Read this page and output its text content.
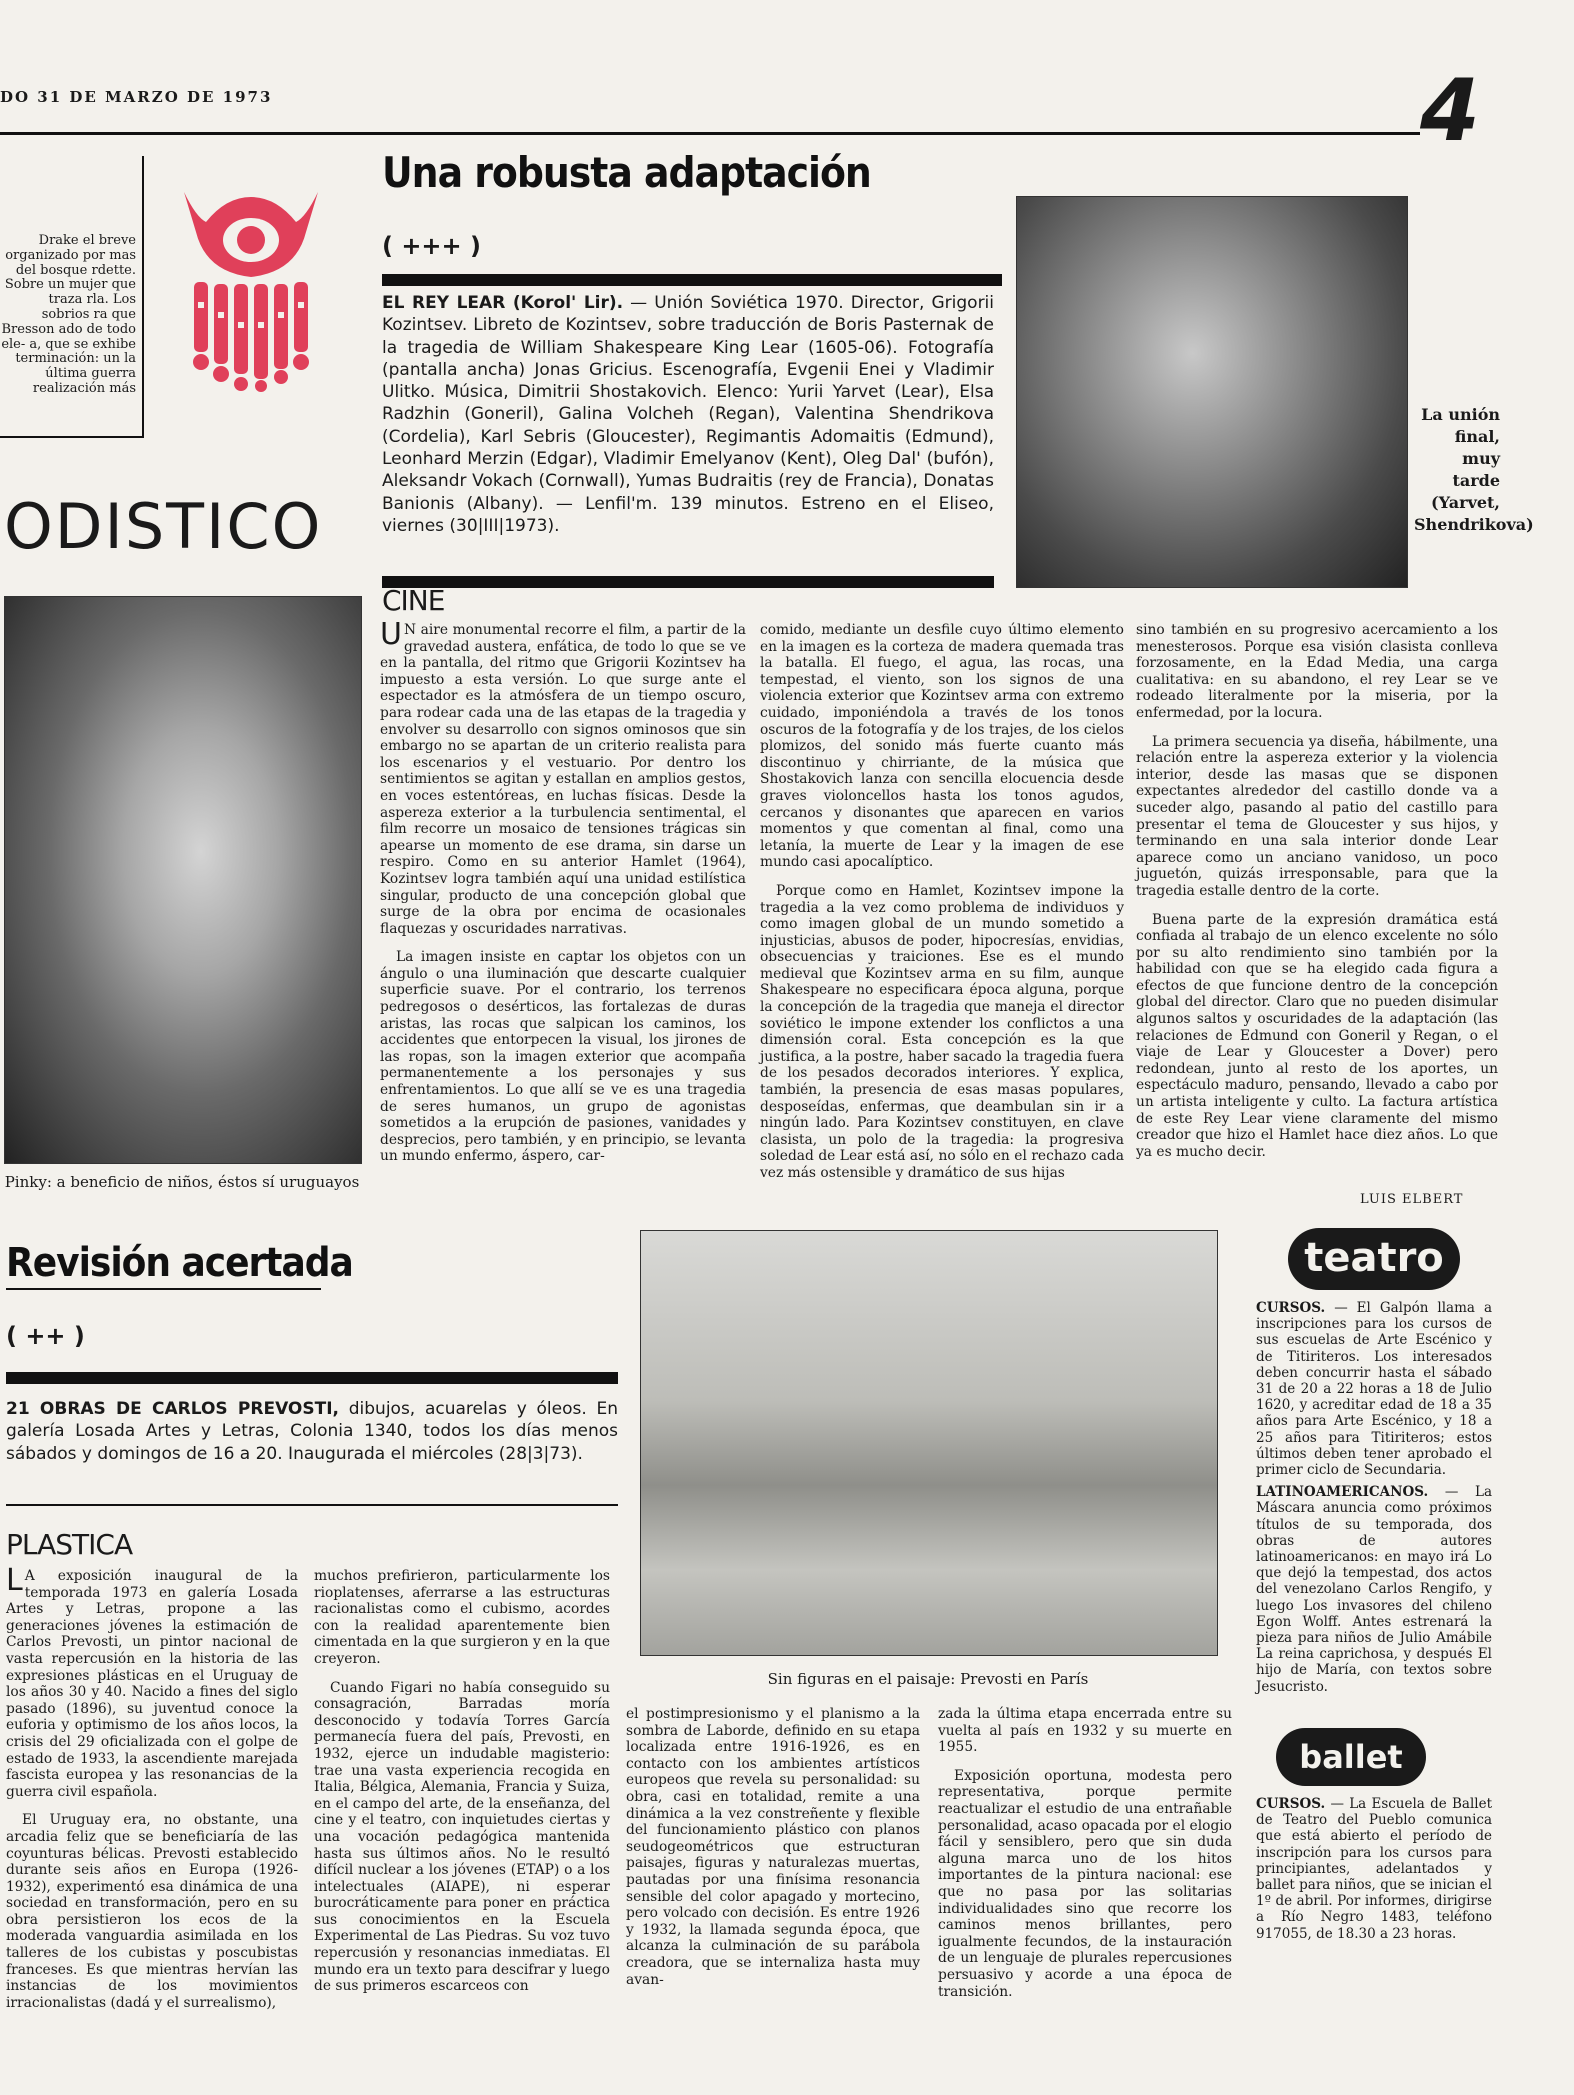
DO 31 DE MARZO DE 1973	4
Drake el breve organizado por mas del bosque rdette. Sobre un mujer que traza rla. Los sobrios ra que Bresson ado de todo ele- a, que se exhibe terminación: un la última guerra realización más
Una robusta adaptación
( +++ )
EL REY LEAR (Korol' Lir). — Unión Soviética 1970. Director, Grigorii Kozintsev. Libreto de Kozintsev, sobre traducción de Boris Pasternak de la tragedia de William Shakespeare King Lear (1605-06). Fotografía (pantalla ancha) Jonas Gricius. Escenografía, Evgenii Enei y Vladimir Ulitko. Música, Dimitrii Shostakovich. Elenco: Yurii Yarvet (Lear), Elsa Radzhin (Goneril), Galina Volcheh (Regan), Valentina Shendrikova (Cordelia), Karl Sebris (Gloucester), Regimantis Adomaitis (Edmund), Leonhard Merzin (Edgar), Vladimir Emelyanov (Kent), Oleg Dal' (bufón), Aleksandr Vokach (Cornwall), Yumas Budraitis (rey de Francia), Donatas Banionis (Albany). — Lenfil'm. 139 minutos. Estreno en el Eliseo, viernes (30|III|1973).
CINE

U N aire monumental recorre el film, a partir de la gravedad austera, enfática, de todo lo que se ve en la pantalla, del ritmo que Grigorii Kozintsev ha impuesto a esta versión. Lo que surge ante el espectador es la atmósfera de un tiempo oscuro, para rodear cada una de las etapas de la tragedia y envolver su desarrollo con signos ominosos que sin embargo no se apartan de un criterio realista para los escenarios y el vestuario. Por dentro los sentimientos se agitan y estallan en amplios gestos, en voces estentóreas, en luchas físicas. Desde la aspereza exterior a la turbulencia sentimental, el film recorre un mosaico de tensiones trágicas sin apearse un momento de ese drama, sin darse un respiro. Como en su anterior Hamlet (1964), Kozintsev logra también aquí una unidad estilística singular, producto de una concepción global que surge de la obra por encima de ocasionales flaquezas y oscuridades narrativas.

La imagen insiste en captar los objetos con un ángulo o una iluminación que descarte cualquier superficie suave. Por el contrario, los terrenos pedregosos o desérticos, las fortalezas de duras aristas, las rocas que salpican los caminos, los accidentes que entorpecen la visual, los jirones de las ropas, son la imagen exterior que acompaña permanentemente a los personajes y sus enfrentamientos. Lo que allí se ve es una tragedia de seres humanos, un grupo de agonistas sometidos a la erupción de pasiones, vanidades y desprecios, pero también, y en principio, se levanta un mundo enfermo, áspero, car-

comido, mediante un desfile cuyo último elemento en la imagen es la corteza de madera quemada tras la batalla. El fuego, el agua, las rocas, una tempestad, el viento, son los signos de una violencia exterior que Kozintsev arma con extremo cuidado, imponiéndola a través de los tonos oscuros de la fotografía y de los trajes, de los cielos plomizos, del sonido más fuerte cuanto más discontinuo y chirriante, de la música que Shostakovich lanza con sencilla elocuencia desde graves violoncellos hasta los tonos agudos, cercanos y disonantes que aparecen en varios momentos y que comentan al final, como una letanía, la muerte de Lear y la imagen de ese mundo casi apocalíptico.

Porque como en Hamlet, Kozintsev impone la tragedia a la vez como problema de individuos y como imagen global de un mundo sometido a injusticias, abusos de poder, hipocresías, envidias, obsecuencias y traiciones. Ese es el mundo medieval que Kozintsev arma en su film, aunque Shakespeare no especificara época alguna, porque la concepción de la tragedia que maneja el director soviético le impone extender los conflictos a una dimensión coral. Esta concepción es la que justifica, a la postre, haber sacado la tragedia fuera de los pesados decorados interiores. Y explica, también, la presencia de esas masas populares, desposeídas, enfermas, que deambulan sin ir a ningún lado. Para Kozintsev constituyen, en clave clasista, un polo de la tragedia: la progresiva soledad de Lear está así, no sólo en el rechazo cada vez más ostensible y dramático de sus hijas

sino también en su progresivo acercamiento a los menesterosos. Porque esa visión clasista conlleva forzosamente, en la Edad Media, una carga cualitativa: en su abandono, el rey Lear se ve rodeado literalmente por la miseria, por la enfermedad, por la locura.

La primera secuencia ya diseña, hábilmente, una relación entre la aspereza exterior y la violencia interior, desde las masas que se disponen expectantes alrededor del castillo donde va a suceder algo, pasando al patio del castillo para presentar el tema de Gloucester y sus hijos, y terminando en una sala interior donde Lear aparece como un anciano vanidoso, un poco juguetón, quizás irresponsable, para que la tragedia estalle dentro de la corte.

Buena parte de la expresión dramática está confiada al trabajo de un elenco excelente no sólo por su alto rendimiento sino también por la habilidad con que se ha elegido cada figura a efectos de que funcione dentro de la concepción global del director. Claro que no pueden disimular algunos saltos y oscuridades de la adaptación (las relaciones de Edmund con Goneril y Regan, o el viaje de Lear y Gloucester a Dover) pero redondean, junto al resto de los aportes, un espectáculo maduro, pensando, llevado a cabo por un artista inteligente y culto. La factura artística de este Rey Lear viene claramente del mismo creador que hizo el Hamlet hace diez años. Lo que ya es mucho decir.

LUIS ELBERT
La unión final, muy tarde (Yarvet, Shendrikova)
ODISTICO
Pinky: a beneficio de niños, éstos sí uruguayos
Sin figuras en el paisaje: Prevosti en París
Revisión acertada
( ++ )
21 OBRAS DE CARLOS PREVOSTI, dibujos, acuarelas y óleos. En galería Losada Artes y Letras, Colonia 1340, todos los días menos sábados y domingos de 16 a 20. Inaugurada el miércoles (28|3|73).
PLASTICA

L A exposición inaugural de la temporada 1973 en galería Losada Artes y Letras, propone a las generaciones jóvenes la estimación de Carlos Prevosti, un pintor nacional de vasta repercusión en la historia de las expresiones plásticas en el Uruguay de los años 30 y 40. Nacido a fines del siglo pasado (1896), su juventud conoce la euforia y optimismo de los años locos, la crisis del 29 oficializada con el golpe de estado de 1933, la ascendiente marejada fascista europea y las resonancias de la guerra civil española.

El Uruguay era, no obstante, una arcadia feliz que se beneficiaría de las coyunturas bélicas. Prevosti establecido durante seis años en Europa (1926-1932), experimentó esa dinámica de una sociedad en transformación, pero en su obra persistieron los ecos de la moderada vanguardia asimilada en los talleres de los cubistas y poscubistas franceses. Es que mientras hervían las instancias de los movimientos irracionalistas (dadá y el surrealismo),

muchos prefirieron, particularmente los rioplatenses, aferrarse a las estructuras racionalistas como el cubismo, acordes con la realidad aparentemente bien cimentada en la que surgieron y en la que creyeron.

Cuando Figari no había conseguido su consagración, Barradas moría desconocido y todavía Torres García permanecía fuera del país, Prevosti, en 1932, ejerce un indudable magisterio: trae una vasta experiencia recogida en Italia, Bélgica, Alemania, Francia y Suiza, en el campo del arte, de la enseñanza, del cine y el teatro, con inquietudes ciertas y una vocación pedagógica mantenida hasta sus últimos años. No le resultó difícil nuclear a los jóvenes (ETAP) o a los intelectuales (AIAPE), ni esperar burocráticamente para poner en práctica sus conocimientos en la Escuela Experimental de Las Piedras. Su voz tuvo repercusión y resonancias inmediatas. El mundo era un texto para descifrar y luego de sus primeros escarceos con

el postimpresionismo y el planismo a la sombra de Laborde, definido en su etapa localizada entre 1916-1926, es en contacto con los ambientes artísticos europeos que revela su personalidad: su obra, casi en totalidad, remite a una dinámica a la vez constreñente y flexible del funcionamiento plástico con planos seudogeométricos que estructuran paisajes, figuras y naturalezas muertas, pautadas por una finísima resonancia sensible del color apagado y mortecino, pero volcado con decisión. Es entre 1926 y 1932, la llamada segunda época, que alcanza la culminación de su parábola creadora, que se internaliza hasta muy avan-

zada la última etapa encerrada entre su vuelta al país en 1932 y su muerte en 1955.

Exposición oportuna, modesta pero representativa, porque permite reactualizar el estudio de una entrañable personalidad, acaso opacada por el elogio fácil y sensiblero, pero que sin duda alguna marca uno de los hitos importantes de la pintura nacional: ese que no pasa por las solitarias individualidades sino que recorre los caminos menos brillantes, pero igualmente fecundos, de la instauración de un lenguaje de plurales repercusiones persuasivo y acorde a una época de transición.

teatro

CURSOS. — El Galpón llama a inscripciones para los cursos de sus escuelas de Arte Escénico y de Titiriteros. Los interesados deben concurrir hasta el sábado 31 de 20 a 22 horas a 18 de Julio 1620, y acreditar edad de 18 a 35 años para Arte Escénico, y 18 a 25 años para Titiriteros; estos últimos deben tener aprobado el primer ciclo de Secundaria.

LATINOAMERICANOS. — La Máscara anuncia como próximos títulos de su temporada, dos obras de autores latinoamericanos: en mayo irá Lo que dejó la tempestad, dos actos del venezolano Carlos Rengifo, y luego Los invasores del chileno Egon Wolff. Antes estrenará la pieza para niños de Julio Amábile La reina caprichosa, y después El hijo de María, con textos sobre Jesucristo.

ballet

CURSOS. — La Escuela de Ballet de Teatro del Pueblo comunica que está abierto el período de inscripción para los cursos para principiantes, adelantados y ballet para niños, que se inician el 1º de abril. Por informes, dirigirse a Río Negro 1483, teléfono 917055, de 18.30 a 23 horas.
